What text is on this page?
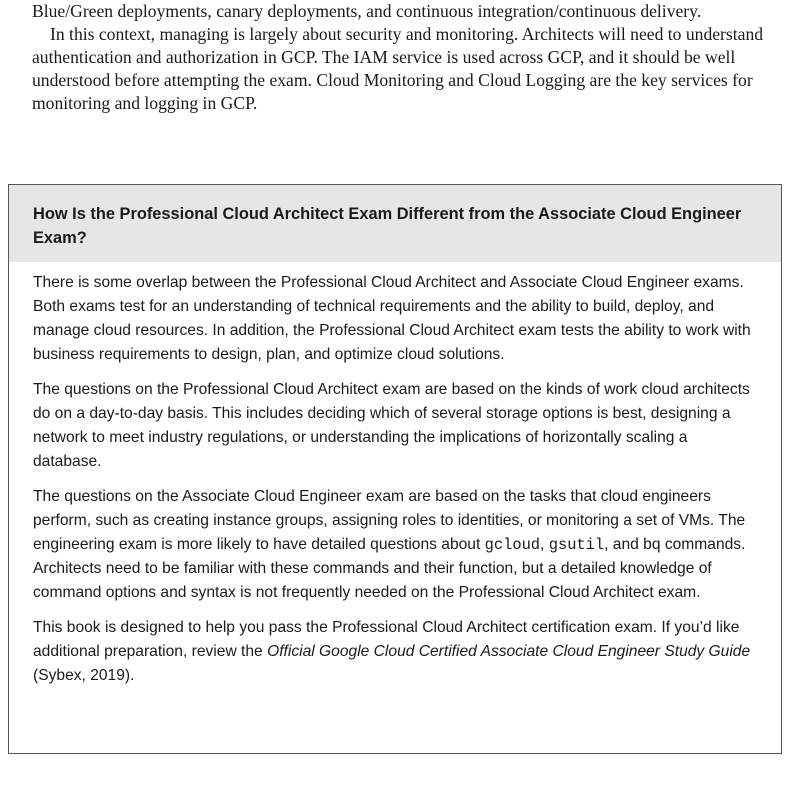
Blue/Green deployments, canary deployments, and continuous integration/continuous delivery.

In this context, managing is largely about security and monitoring. Architects will need to understand authentication and authorization in GCP. The IAM service is used across GCP, and it should be well understood before attempting the exam. Cloud Monitoring and Cloud Logging are the key services for monitoring and logging in GCP.

How Is the Professional Cloud Architect Exam Different from the Associate Cloud Engineer Exam?

There is some overlap between the Professional Cloud Architect and Associate Cloud Engineer exams. Both exams test for an understanding of technical requirements and the ability to build, deploy, and manage cloud resources. In addition, the Professional Cloud Architect exam tests the ability to work with business requirements to design, plan, and optimize cloud solutions.

The questions on the Professional Cloud Architect exam are based on the kinds of work cloud architects do on a day-to-day basis. This includes deciding which of several storage options is best, designing a network to meet industry regulations, or understanding the implications of horizontally scaling a database.

The questions on the Associate Cloud Engineer exam are based on the tasks that cloud engineers perform, such as creating instance groups, assigning roles to identities, or monitoring a set of VMs. The engineering exam is more likely to have detailed questions about gcloud, gsutil, and bq commands. Architects need to be familiar with these commands and their function, but a detailed knowledge of command options and syntax is not frequently needed on the Professional Cloud Architect exam.

This book is designed to help you pass the Professional Cloud Architect certification exam. If you’d like additional preparation, review the Official Google Cloud Certified Associate Cloud Engineer Study Guide (Sybex, 2019).
